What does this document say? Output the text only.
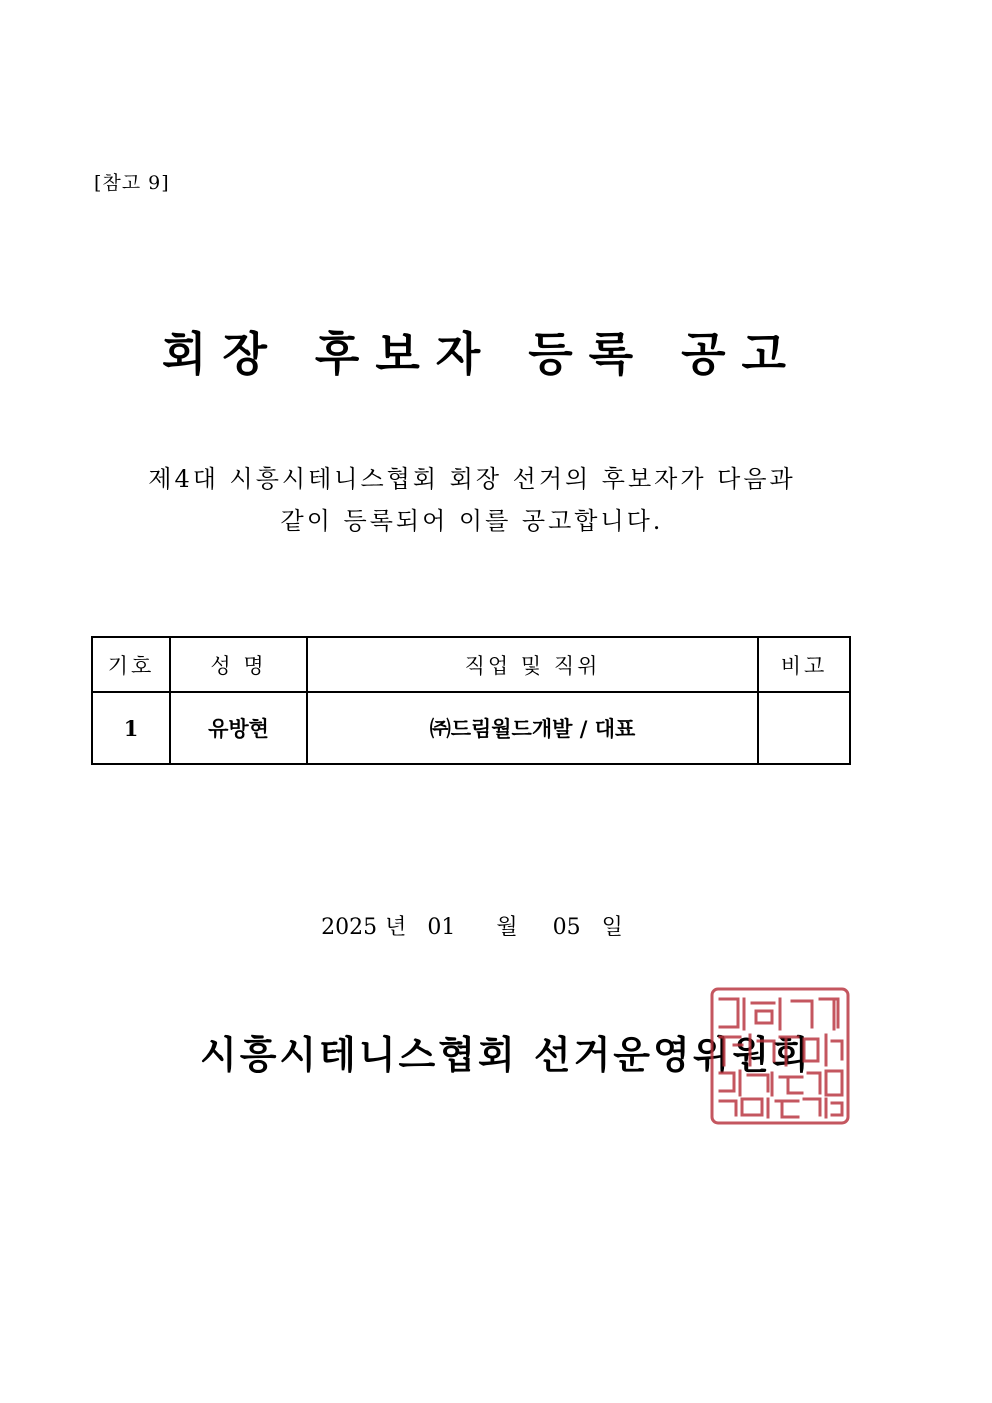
[참고 9]
회장 후보자 등록 공고
제4대 시흥시테니스협회 회장 선거의 후보자가 다음과
같이 등록되어 이를 공고합니다.
기호	성 명	직업 및 직위	비고
1	유방현	㈜드림월드개발 / 대표	
2025 년 01 월 05 일
시흥시테니스협회 선거운영위원회
